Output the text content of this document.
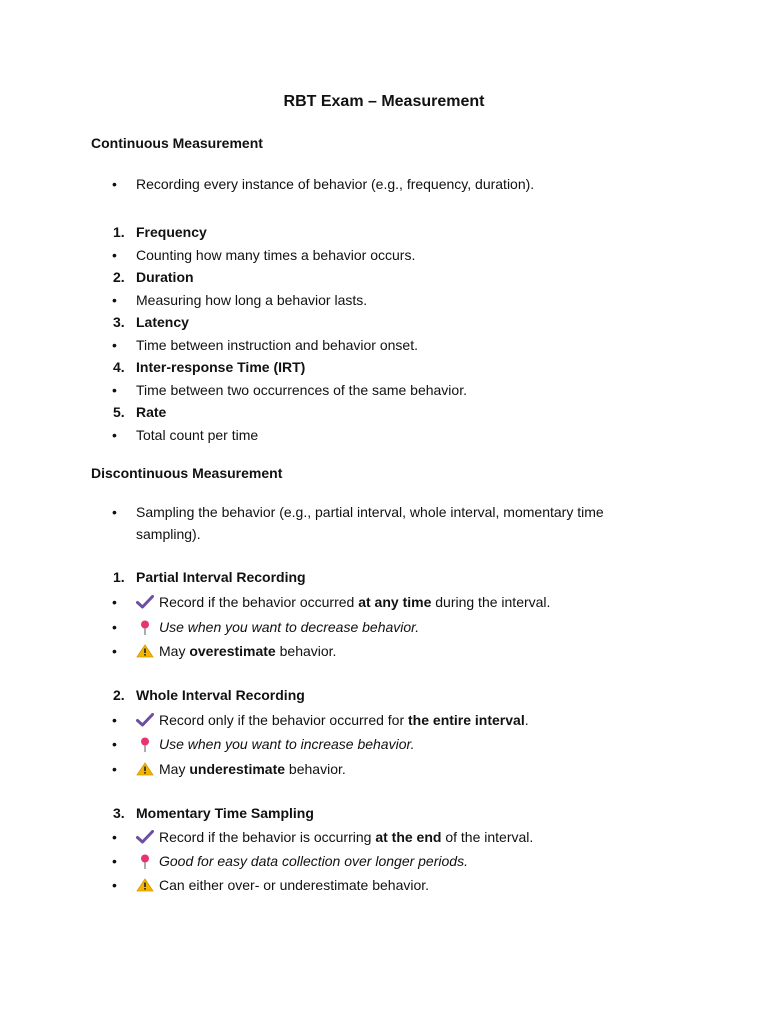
RBT Exam – Measurement
Continuous Measurement
•	Recording every instance of behavior (e.g., frequency, duration).
1. Frequency
•	Counting how many times a behavior occurs.
2. Duration
•	Measuring how long a behavior lasts.
3. Latency
•	Time between instruction and behavior onset.
4. Inter-response Time (IRT)
•	Time between two occurrences of the same behavior.
5. Rate
•	Total count per time
Discontinuous Measurement
•	Sampling the behavior (e.g., partial interval, whole interval, momentary time sampling).
1. Partial Interval Recording
•	Record if the behavior occurred at any time during the interval.
•	Use when you want to decrease behavior.
•	May overestimate behavior.
2. Whole Interval Recording
•	Record only if the behavior occurred for the entire interval.
•	Use when you want to increase behavior.
•	May underestimate behavior.
3. Momentary Time Sampling
•	Record if the behavior is occurring at the end of the interval.
•	Good for easy data collection over longer periods.
•	Can either over- or underestimate behavior.
